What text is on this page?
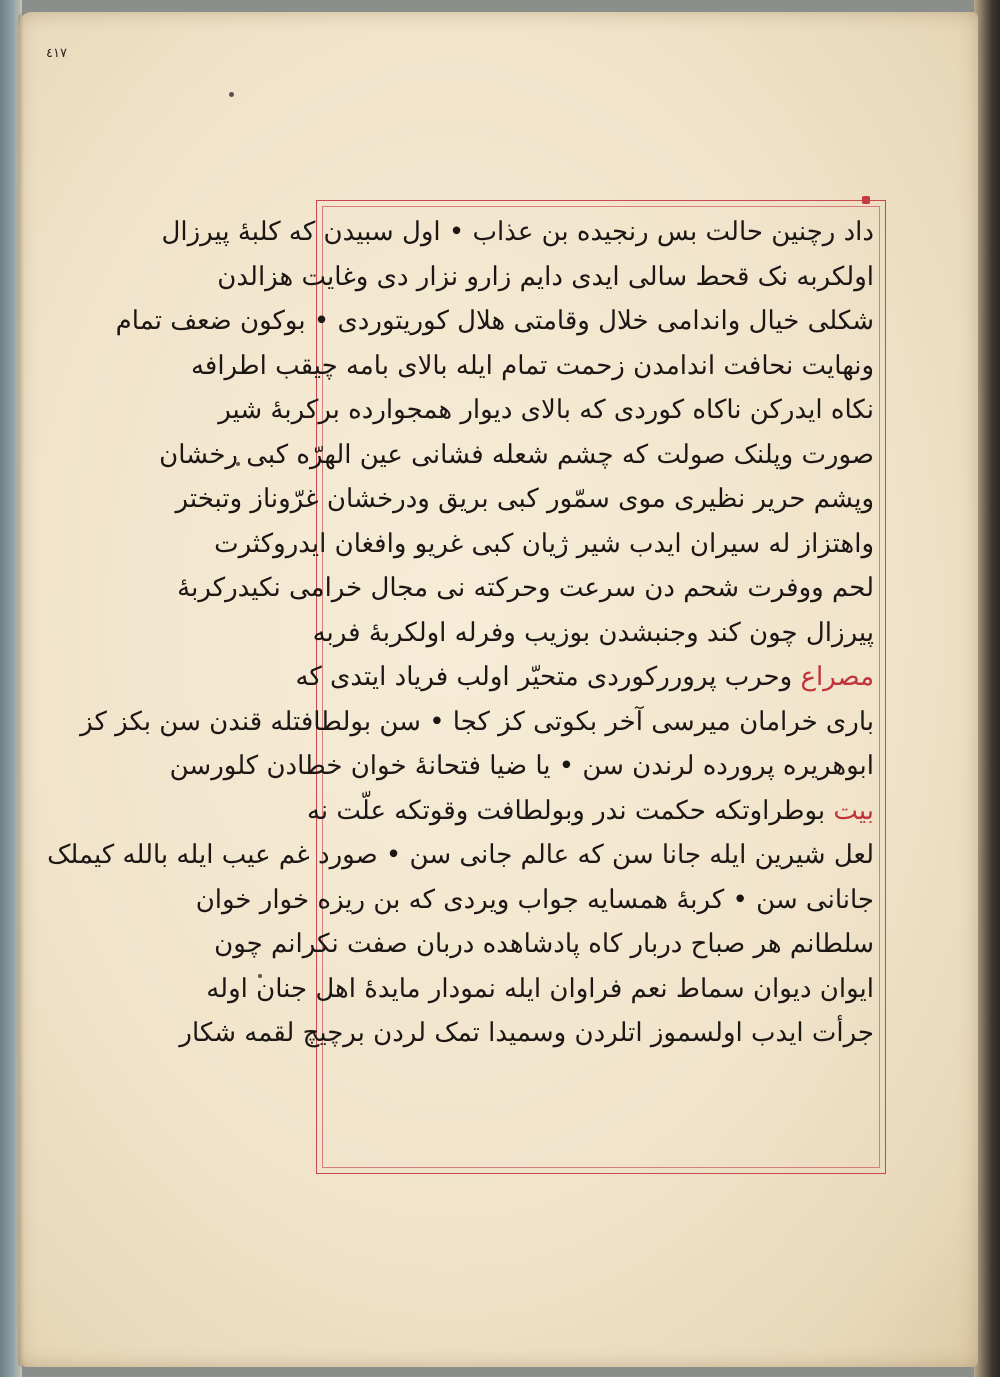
٤١٧
داد رچنین حالت بس رنجیده بن عذاب • اول سبیدن که کلبهٔ پیرزال
اولکربه نک قحط سالی ایدی دایم زارو نزار دی وغایت هزالدن
شکلی خیال واندامی خلال وقامتی هلال کوریتوردی • بوکون ضعف تمام
ونهایت نحافت اندامدن زحمت تمام ایله بالای بامه چیقب اطرافه
نکاه ایدرکن ناکاه کوردی که بالای دیوار همجوارده برکربهٔ شیر
صورت وپلنک صولت که چشم شعله فشانی عین الهرّه کبی رخشان
وپشم حریر نظیری موی سمّور کبی بریق ودرخشان غرّوناز وتبختر
واهتزاز له سیران ایدب شیر ژیان کبی غریو وافغان ایدروکثرت
لحم ووفرت شحم دن سرعت وحرکته نی مجال خرامی نکیدرکربهٔ
پیرزال چون کند وجنبشدن بوزیب وفرله اولکربهٔ فربه
مصراع وحرب پروررکوردی متحیّر اولب فریاد ایتدی که
باری خرامان میرسی آخر بکوتی کز کجا • سن بولطافتله قندن سن بکز کز
ابوهریره پرورده لرندن سن • یا ضیا فتحانهٔ خوان خطادن کلورسن
بیت بوطراوتکه حکمت ندر وبولطافت وقوتکه علّت نه
لعل شیرین ایله جانا سن که عالم جانی سن • صورد غم عیب ایله بالله کیملک
جانانی سن • کربهٔ همسایه جواب ویردی که بن ریزه خوار خوان
سلطانم هر صباح دربار کاه پادشاهده دربان صفت نکرانم چون
ایوان دیوان سماط نعم فراوان ایله نمودار مایدهٔ اهل جنان اوله
جرأت ایدب اولسموز اتلردن وسمیدا تمک لردن برچیچ لقمه شکار
